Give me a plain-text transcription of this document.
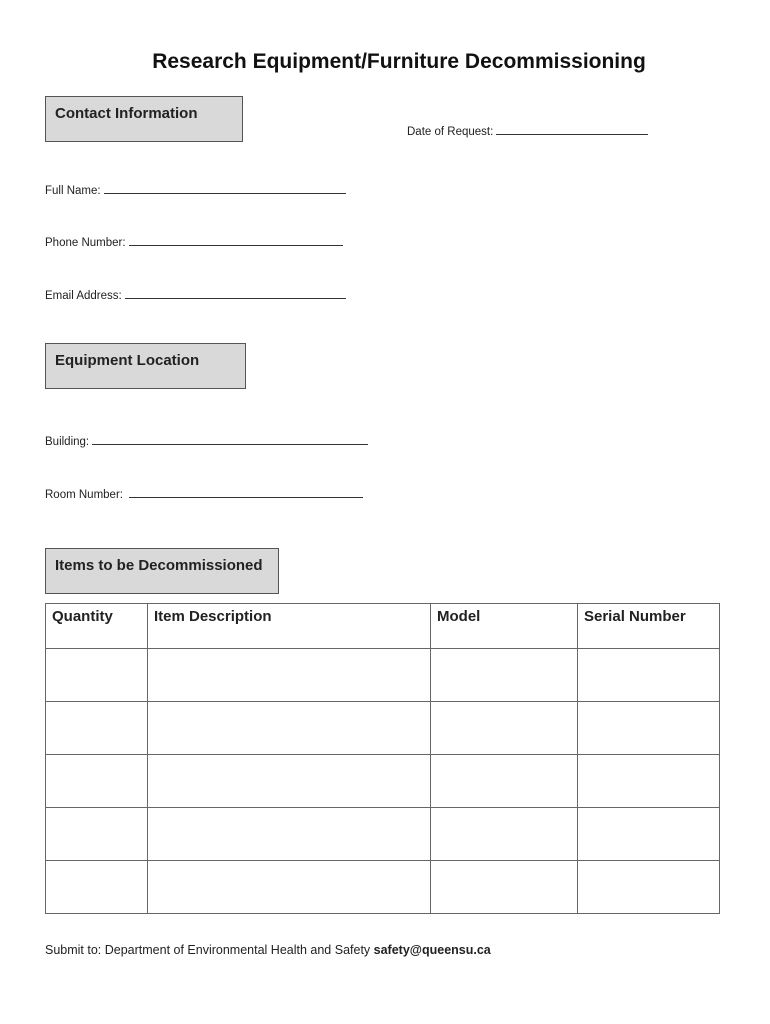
Research Equipment/Furniture Decommissioning
Contact Information
Date of Request:
Full Name:
Phone Number:
Email Address:
Equipment Location
Building:
Room Number:
Items to be Decommissioned
Quantity	Item Description	Model	Serial Number

Submit to: Department of Environmental Health and Safety safety@queensu.ca
